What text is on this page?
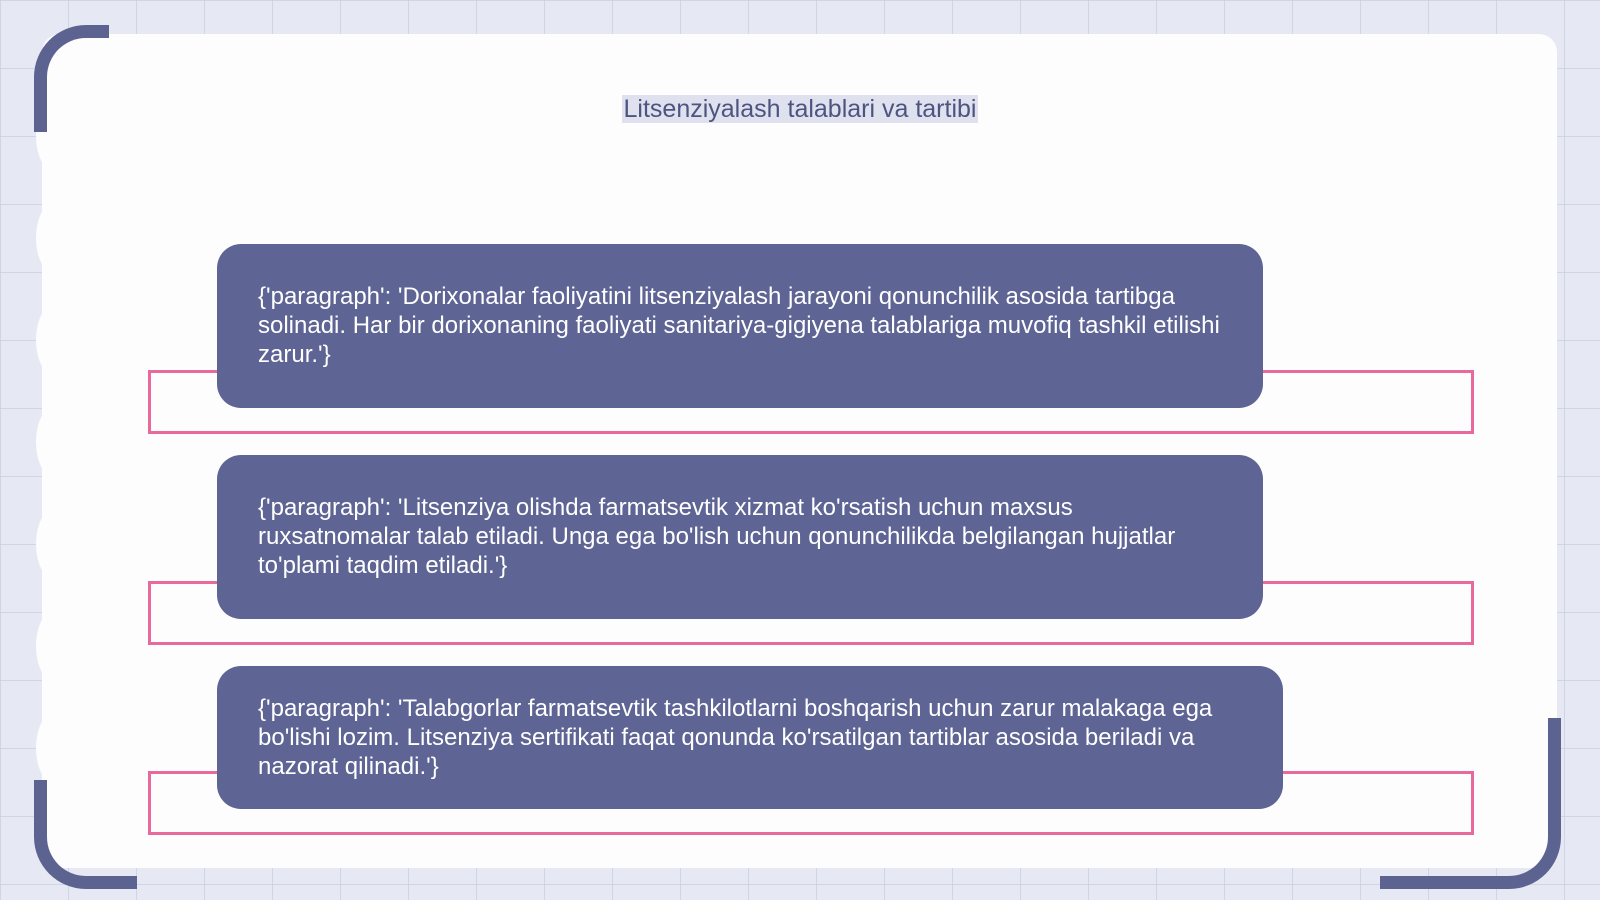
Litsenziyalash talablari va tartibi
{'paragraph': 'Dorixonalar faoliyatini litsenziyalash jarayoni qonunchilik asosida tartibga solinadi. Har bir dorixonaning faoliyati sanitariya-gigiyena talablariga muvofiq tashkil etilishi zarur.'}
{'paragraph': 'Litsenziya olishda farmatsevtik xizmat ko'rsatish uchun maxsus ruxsatnomalar talab etiladi. Unga ega bo'lish uchun qonunchilikda belgilangan hujjatlar to'plami taqdim etiladi.'}
{'paragraph': 'Talabgorlar farmatsevtik tashkilotlarni boshqarish uchun zarur malakaga ega bo'lishi lozim. Litsenziya sertifikati faqat qonunda ko'rsatilgan tartiblar asosida beriladi va nazorat qilinadi.'}
